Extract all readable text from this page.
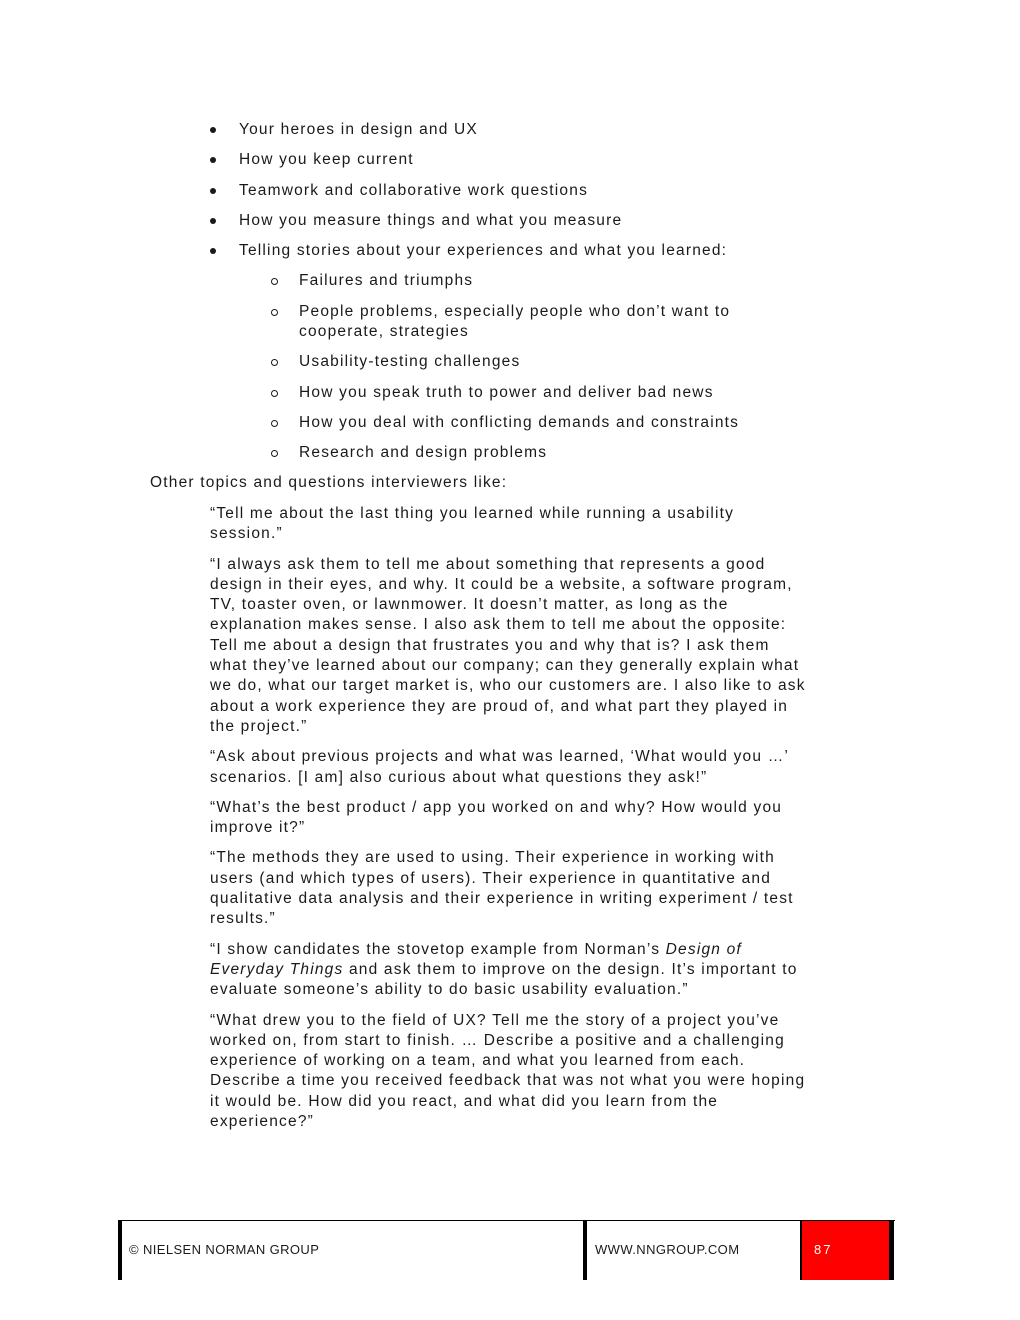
Your heroes in design and UX
How you keep current
Teamwork and collaborative work questions
How you measure things and what you measure
Telling stories about your experiences and what you learned:
Failures and triumphs
People problems, especially people who don’t want to cooperate, strategies
Usability-testing challenges
How you speak truth to power and deliver bad news
How you deal with conflicting demands and constraints
Research and design problems
Other topics and questions interviewers like:

“Tell me about the last thing you learned while running a usability session.”

“I always ask them to tell me about something that represents a good design in their eyes, and why. It could be a website, a software program, TV, toaster oven, or lawnmower. It doesn’t matter, as long as the explanation makes sense. I also ask them to tell me about the opposite: Tell me about a design that frustrates you and why that is? I ask them what they’ve learned about our company; can they generally explain what we do, what our target market is, who our customers are. I also like to ask about a work experience they are proud of, and what part they played in the project.”

“Ask about previous projects and what was learned, ‘What would you …’ scenarios. [I am] also curious about what questions they ask!”

“What’s the best product / app you worked on and why? How would you improve it?”

“The methods they are used to using. Their experience in working with users (and which types of users). Their experience in quantitative and qualitative data analysis and their experience in writing experiment / test results.”

“I show candidates the stovetop example from Norman’s Design of Everyday Things and ask them to improve on the design. It’s important to evaluate someone’s ability to do basic usability evaluation.”

“What drew you to the field of UX? Tell me the story of a project you’ve worked on, from start to finish. … Describe a positive and a challenging experience of working on a team, and what you learned from each. Describe a time you received feedback that was not what you were hoping it would be. How did you react, and what did you learn from the experience?”

© NIELSEN NORMAN GROUP	WWW.NNGROUP.COM	87
